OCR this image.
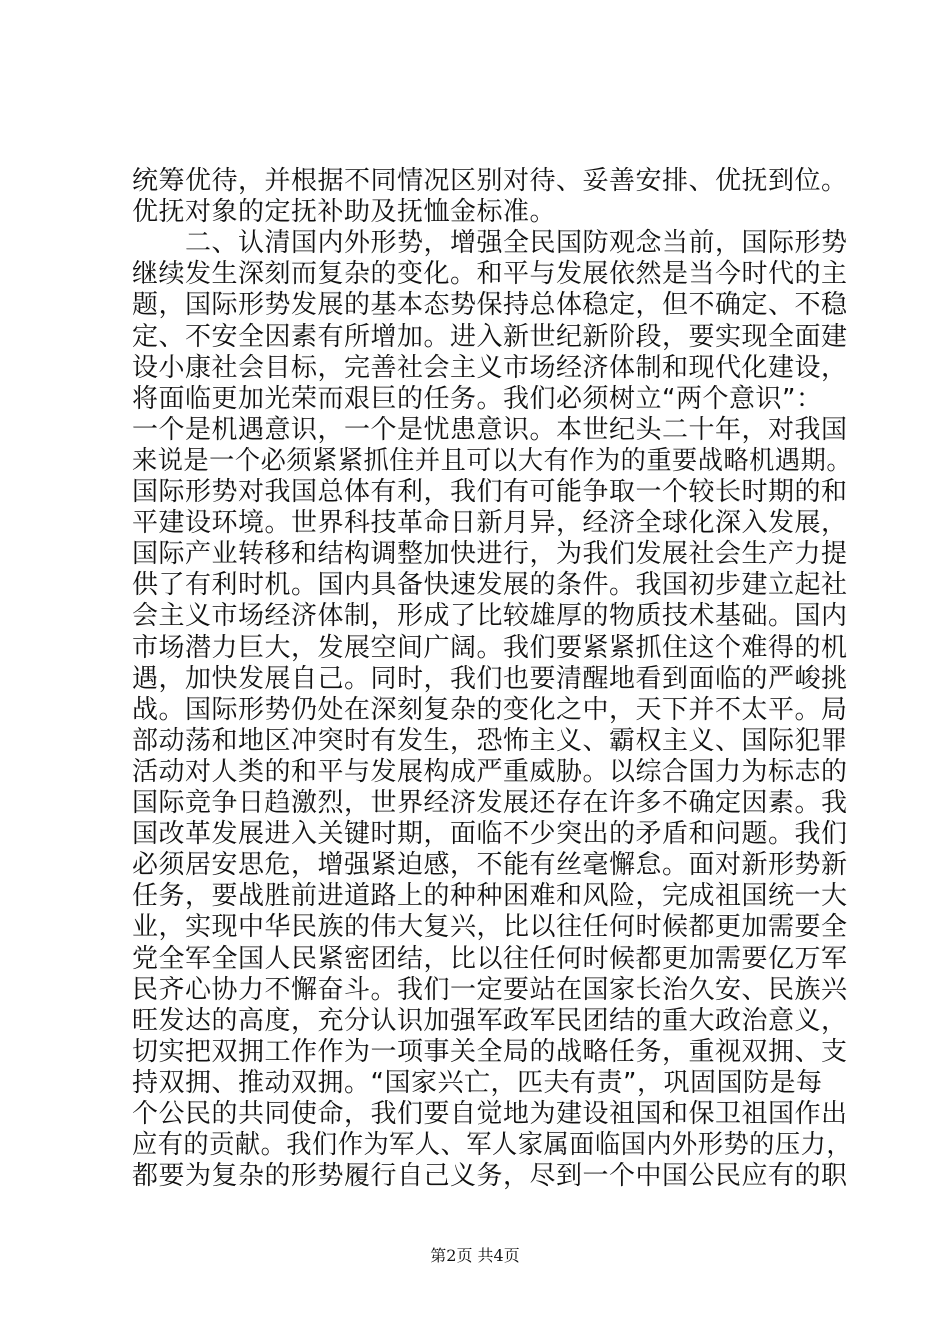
统筹优待，并根据不同情况区别对待、妥善安排、优抚到位。
优抚对象的定抚补助及抚恤金标准。
　　二、认清国内外形势，增强全民国防观念当前，国际形势
继续发生深刻而复杂的变化。和平与发展依然是当今时代的主
题，国际形势发展的基本态势保持总体稳定，但不确定、不稳
定、不安全因素有所增加。进入新世纪新阶段，要实现全面建
设小康社会目标，完善社会主义市场经济体制和现代化建设，
将面临更加光荣而艰巨的任务。我们必须树立“两个意识”：
一个是机遇意识，一个是忧患意识。本世纪头二十年，对我国
来说是一个必须紧紧抓住并且可以大有作为的重要战略机遇期。
国际形势对我国总体有利，我们有可能争取一个较长时期的和
平建设环境。世界科技革命日新月异，经济全球化深入发展，
国际产业转移和结构调整加快进行，为我们发展社会生产力提
供了有利时机。国内具备快速发展的条件。我国初步建立起社
会主义市场经济体制，形成了比较雄厚的物质技术基础。国内
市场潜力巨大，发展空间广阔。我们要紧紧抓住这个难得的机
遇，加快发展自己。同时，我们也要清醒地看到面临的严峻挑
战。国际形势仍处在深刻复杂的变化之中，天下并不太平。局
部动荡和地区冲突时有发生，恐怖主义、霸权主义、国际犯罪
活动对人类的和平与发展构成严重威胁。以综合国力为标志的
国际竞争日趋激烈，世界经济发展还存在许多不确定因素。我
国改革发展进入关键时期，面临不少突出的矛盾和问题。我们
必须居安思危，增强紧迫感，不能有丝毫懈怠。面对新形势新
任务，要战胜前进道路上的种种困难和风险，完成祖国统一大
业，实现中华民族的伟大复兴，比以往任何时候都更加需要全
党全军全国人民紧密团结，比以往任何时候都更加需要亿万军
民齐心协力不懈奋斗。我们一定要站在国家长治久安、民族兴
旺发达的高度，充分认识加强军政军民团结的重大政治意义，
切实把双拥工作作为一项事关全局的战略任务，重视双拥、支
持双拥、推动双拥。“国家兴亡，匹夫有责”，巩固国防是每
个公民的共同使命，我们要自觉地为建设祖国和保卫祖国作出
应有的贡献。我们作为军人、军人家属面临国内外形势的压力，
都要为复杂的形势履行自己义务，尽到一个中国公民应有的职
第2页 共4页
